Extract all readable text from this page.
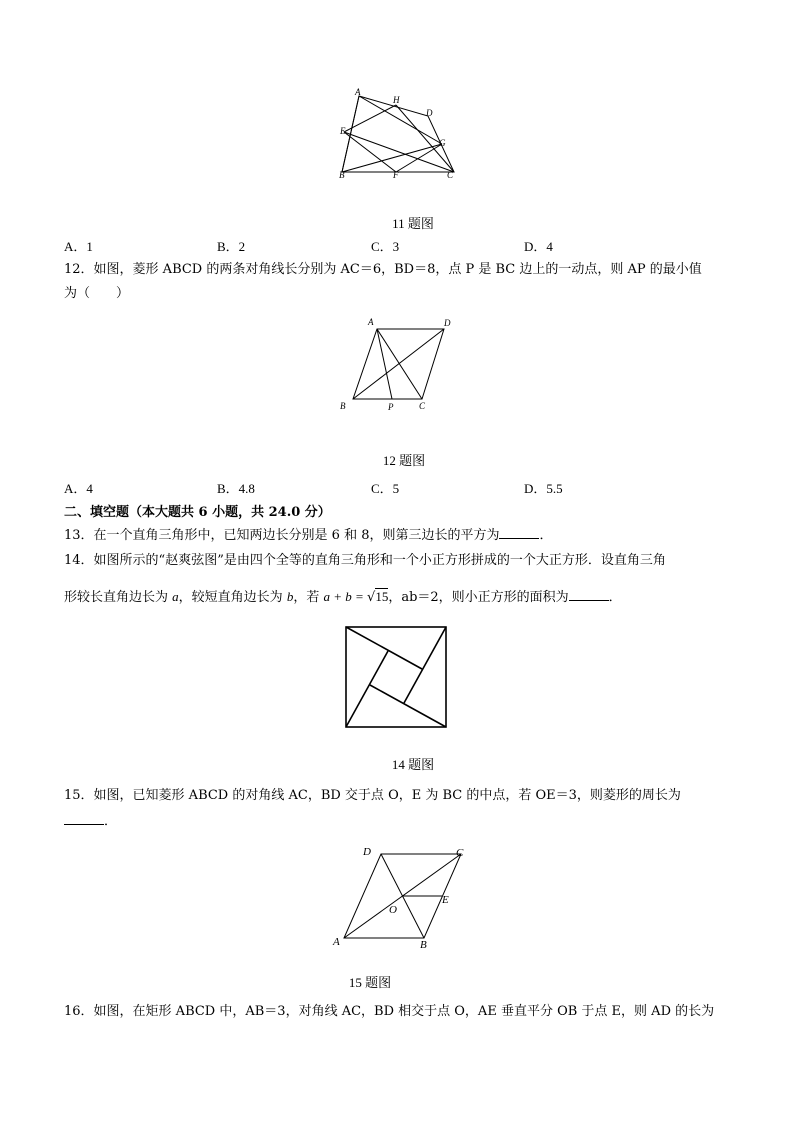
A
H
D
E
G
B	F	C
11 题图
A．1	B．2	C．3	D．4
12．如图，菱形 ABCD 的两条对角线长分别为 AC＝6，BD＝8，点 P 是 BC 边上的一动点，则 AP 的最小值
为（　　）
A	D
B	P	C
12 题图
A．4	B．4.8	C．5	D．5.5
二、填空题（本大题共 6 小题，共 24.0 分）
13．在一个直角三角形中，已知两边长分别是 6 和 8，则第三边长的平方为	．
14．如图所示的“赵爽弦图”是由四个全等的直角三角形和一个小正方形拼成的一个大正方形．设直角三角
形较长直角边长为 a，较短直角边长为 b，若 a + b = √15，ab＝2，则小正方形的面积为	．
14 题图
15．如图，已知菱形 ABCD 的对角线 AC，BD 交于点 O，E 为 BC 的中点，若 OE＝3，则菱形的周长为
．
D	C
O
E
A	B
15 题图
16．如图，在矩形 ABCD 中，AB＝3，对角线 AC，BD 相交于点 O，AE 垂直平分 OB 于点 E，则 AD 的长为
